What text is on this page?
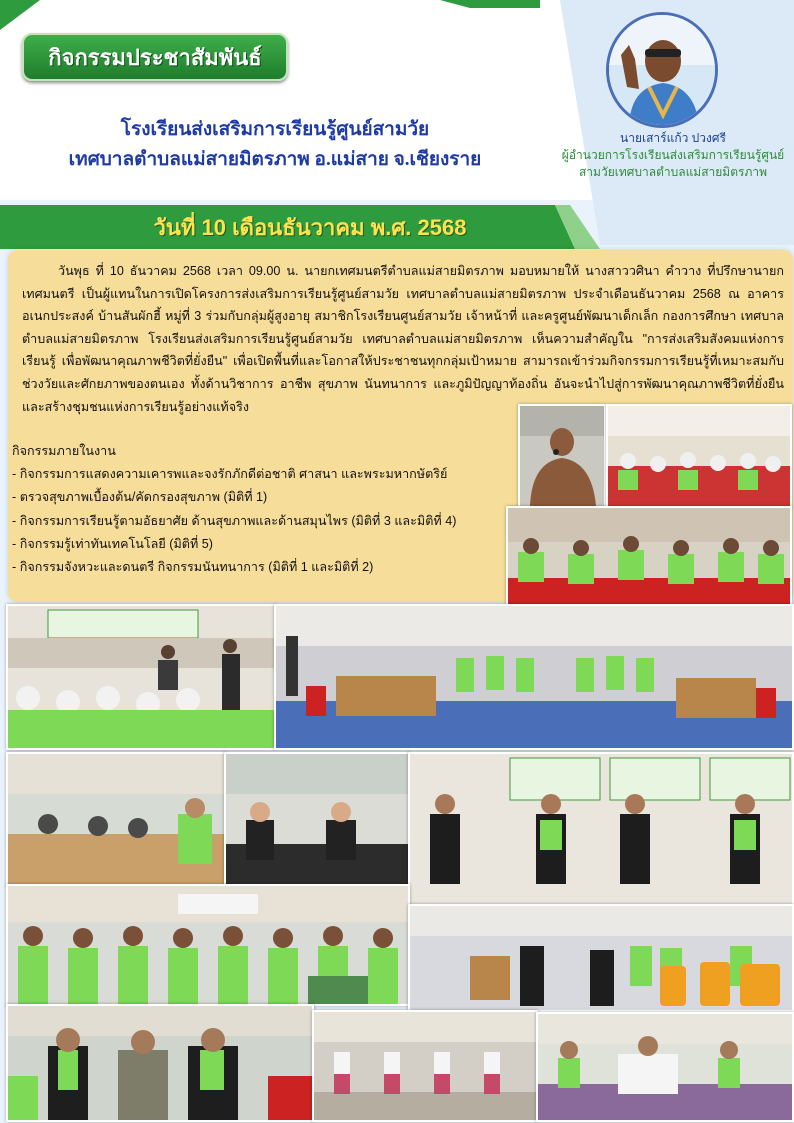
กิจกรรมประชาสัมพันธ์
โรงเรียนส่งเสริมการเรียนรู้ศูนย์สามวัย
เทศบาลตำบลแม่สายมิตรภาพ อ.แม่สาย จ.เชียงราย
วันที่ 10 เดือนธันวาคม พ.ศ. 2568
นายเสาร์แก้ว ปวงศรี
ผู้อำนวยการโรงเรียนส่งเสริมการเรียนรู้ศูนย์
สามวัยเทศบาลตำบลแม่สายมิตรภาพ
วันพุธ ที่ 10 ธันวาคม 2568 เวลา 09.00 น. นายกเทศมนตรีตำบลแม่สายมิตรภาพ มอบหมายให้ นางสาววศินา คำวาง ที่ปรึกษานายกเทศมนตรี เป็นผู้แทนในการเปิดโครงการส่งเสริมการเรียนรู้ศูนย์สามวัย เทศบาลตำบลแม่สายมิตรภาพ ประจำเดือนธันวาคม 2568 ณ อาคารอเนกประสงค์ บ้านสันผักฮี้ หมู่ที่ 3 ร่วมกับกลุ่มผู้สูงอายุ สมาชิกโรงเรียนศูนย์สามวัย เจ้าหน้าที่ และครูศูนย์พัฒนาเด็กเล็ก กองการศึกษา เทศบาลตำบลแม่สายมิตรภาพ โรงเรียนส่งเสริมการเรียนรู้ศูนย์สามวัย เทศบาลตำบลแม่สายมิตรภาพ เห็นความสำคัญใน "การส่งเสริมสังคมแห่งการเรียนรู้ เพื่อพัฒนาคุณภาพชีวิตที่ยั่งยืน" เพื่อเปิดพื้นที่และโอกาสให้ประชาชนทุกกลุ่มเป้าหมาย สามารถเข้าร่วมกิจกรรมการเรียนรู้ที่เหมาะสมกับช่วงวัยและศักยภาพของตนเอง ทั้งด้านวิชาการ อาชีพ สุขภาพ นันทนาการ และภูมิปัญญาท้องถิ่น อันจะนำไปสู่การพัฒนาคุณภาพชีวิตที่ยั่งยืนและสร้างชุมชนแห่งการเรียนรู้อย่างแท้จริง
กิจกรรมภายในงาน
- กิจกรรมการแสดงความเคารพและจงรักภักดีต่อชาติ ศาสนา และพระมหากษัตริย์
- ตรวจสุขภาพเบื้องต้น/คัดกรองสุขภาพ (มิติที่ 1)
- กิจกรรมการเรียนรู้ตามอัธยาศัย ด้านสุขภาพและด้านสมุนไพร (มิติที่ 3 และมิติที่ 4)
- กิจกรรมรู้เท่าทันเทคโนโลยี (มิติที่ 5)
- กิจกรรมจังหวะและดนตรี กิจกรรมนันทนาการ (มิติที่ 1 และมิติที่ 2)
